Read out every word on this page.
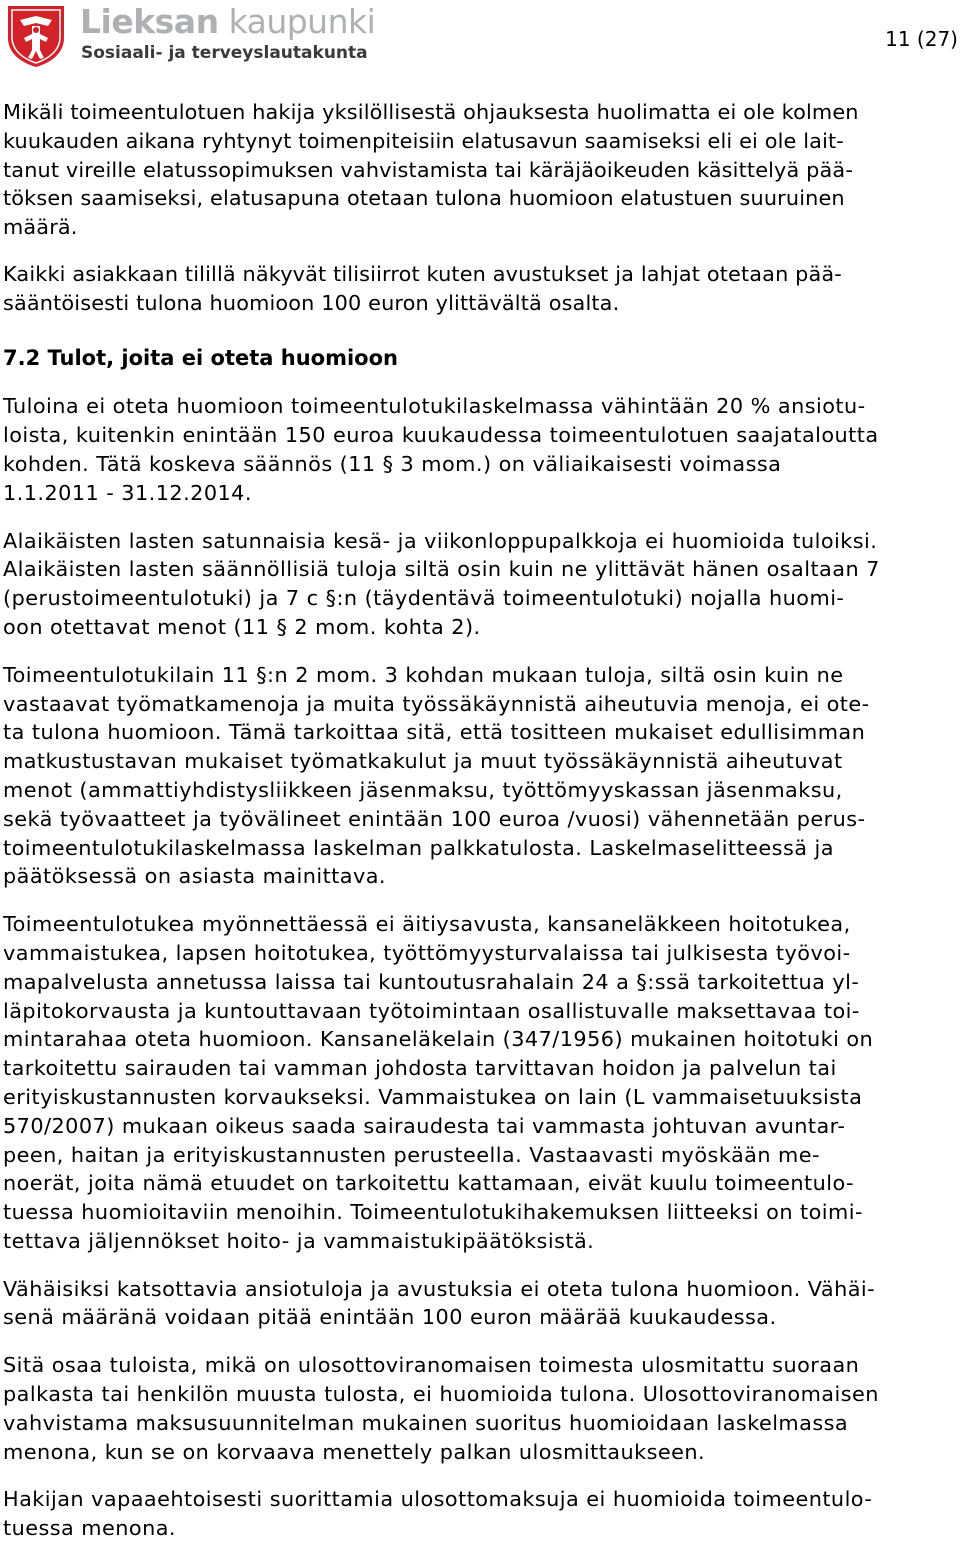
Lieksan kaupunki
Sosiaali- ja terveyslautakunta
11 (27)

Mikäli toimeentulotuen hakija yksilöllisestä ohjauksesta huolimatta ei ole kolmen
kuukauden aikana ryhtynyt toimenpiteisiin elatusavun saamiseksi eli ei ole lait-
tanut vireille elatussopimuksen vahvistamista tai käräjäoikeuden käsittelyä pää-
töksen saamiseksi, elatusapuna otetaan tulona huomioon elatustuen suuruinen
määrä.

Kaikki asiakkaan tilillä näkyvät tilisiirrot kuten avustukset ja lahjat otetaan pää-
sääntöisesti tulona huomioon 100 euron ylittävältä osalta.

7.2 Tulot, joita ei oteta huomioon

Tuloina ei oteta huomioon toimeentulotukilaskelmassa vähintään 20 % ansiotu-
loista, kuitenkin enintään 150 euroa kuukaudessa toimeentulotuen saajataloutta
kohden. Tätä koskeva säännös (11 § 3 mom.) on väliaikaisesti voimassa
1.1.2011 - 31.12.2014.

Alaikäisten lasten satunnaisia kesä- ja viikonloppupalkkoja ei huomioida tuloiksi.
Alaikäisten lasten säännöllisiä tuloja siltä osin kuin ne ylittävät hänen osaltaan 7
(perustoimeentulotuki) ja 7 c §:n (täydentävä toimeentulotuki) nojalla huomi-
oon otettavat menot (11 § 2 mom. kohta 2).

Toimeentulotukilain 11 §:n 2 mom. 3 kohdan mukaan tuloja, siltä osin kuin ne
vastaavat työmatkamenoja ja muita työssäkäynnistä aiheutuvia menoja, ei ote-
ta tulona huomioon. Tämä tarkoittaa sitä, että tositteen mukaiset edullisimman
matkustustavan mukaiset työmatkakulut ja muut työssäkäynnistä aiheutuvat
menot (ammattiyhdistysliikkeen jäsenmaksu, työttömyyskassan jäsenmaksu,
sekä työvaatteet ja työvälineet enintään 100 euroa /vuosi) vähennetään perus-
toimeentulotukilaskelmassa laskelman palkkatulosta. Laskelmaselitteessä ja
päätöksessä on asiasta mainittava.

Toimeentulotukea myönnettäessä ei äitiysavusta, kansaneläkkeen hoitotukea,
vammaistukea, lapsen hoitotukea, työttömyysturvalaissa tai julkisesta työvoi-
mapalvelusta annetussa laissa tai kuntoutusrahalain 24 a §:ssä tarkoitettua yl-
läpitokorvausta ja kuntouttavaan työtoimintaan osallistuvalle maksettavaa toi-
mintarahaa oteta huomioon. Kansaneläkelain (347/1956) mukainen hoitotuki on
tarkoitettu sairauden tai vamman johdosta tarvittavan hoidon ja palvelun tai
erityiskustannusten korvaukseksi. Vammaistukea on lain (L vammaisetuuksista
570/2007) mukaan oikeus saada sairaudesta tai vammasta johtuvan avuntar-
peen, haitan ja erityiskustannusten perusteella. Vastaavasti myöskään me-
noerät, joita nämä etuudet on tarkoitettu kattamaan, eivät kuulu toimeentulo-
tuessa huomioitaviin menoihin. Toimeentulotukihakemuksen liitteeksi on toimi-
tettava jäljennökset hoito- ja vammaistukipäätöksistä.

Vähäisiksi katsottavia ansiotuloja ja avustuksia ei oteta tulona huomioon. Vähäi-
senä määränä voidaan pitää enintään 100 euron määrää kuukaudessa.

Sitä osaa tuloista, mikä on ulosottoviranomaisen toimesta ulosmitattu suoraan
palkasta tai henkilön muusta tulosta, ei huomioida tulona. Ulosottoviranomaisen
vahvistama maksusuunnitelman mukainen suoritus huomioidaan laskelmassa
menona, kun se on korvaava menettely palkan ulosmittaukseen.

Hakijan vapaaehtoisesti suorittamia ulosottomaksuja ei huomioida toimeentulo-
tuessa menona.
